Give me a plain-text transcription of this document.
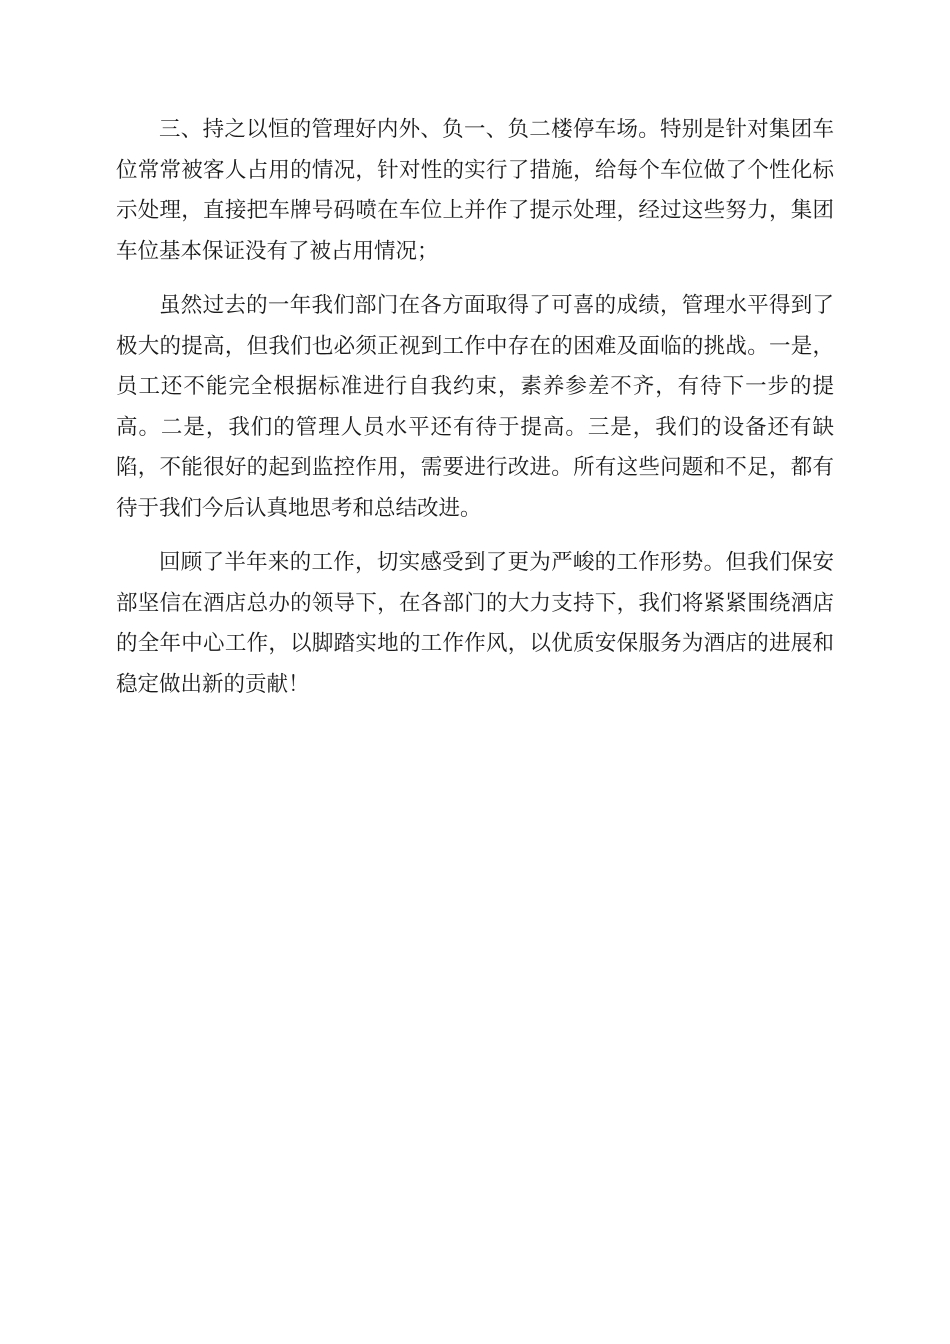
三、持之以恒的管理好内外、负一、负二楼停车场。特别是针对集团车位常常被客人占用的情况，针对性的实行了措施，给每个车位做了个性化标示处理，直接把车牌号码喷在车位上并作了提示处理，经过这些努力，集团车位基本保证没有了被占用情况；

虽然过去的一年我们部门在各方面取得了可喜的成绩，管理水平得到了极大的提高，但我们也必须正视到工作中存在的困难及面临的挑战。一是，员工还不能完全根据标准进行自我约束，素养参差不齐，有待下一步的提高。二是，我们的管理人员水平还有待于提高。三是，我们的设备还有缺陷，不能很好的起到监控作用，需要进行改进。所有这些问题和不足，都有待于我们今后认真地思考和总结改进。

回顾了半年来的工作，切实感受到了更为严峻的工作形势。但我们保安部坚信在酒店总办的领导下，在各部门的大力支持下，我们将紧紧围绕酒店的全年中心工作，以脚踏实地的工作作风，以优质安保服务为酒店的进展和稳定做出新的贡献！
